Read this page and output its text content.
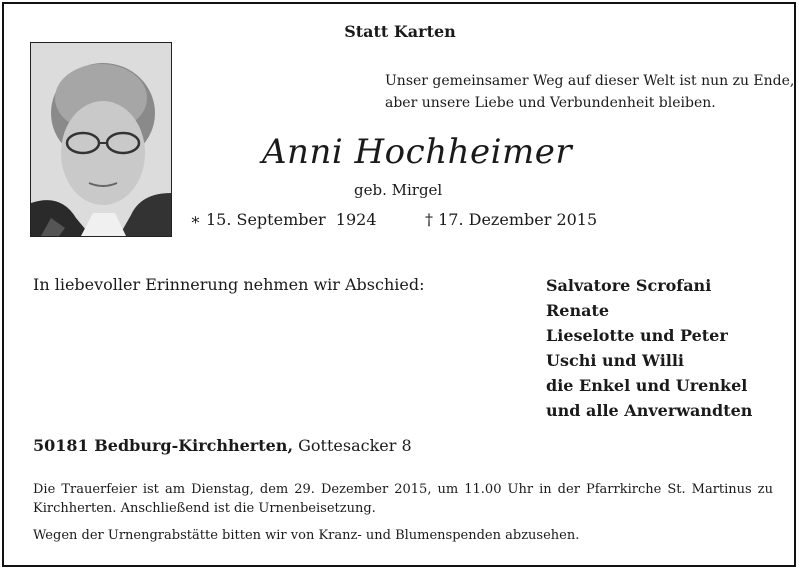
Statt Karten
Unser gemeinsamer Weg auf dieser Welt ist nun zu Ende,
aber unsere Liebe und Verbundenheit bleiben.
Anni Hochheimer
geb. Mirgel
∗ 15. September  1924	† 17. Dezember 2015
In liebevoller Erinnerung nehmen wir Abschied:	Salvatore Scrofani
Renate
Lieselotte und Peter
Uschi und Willi
die Enkel und Urenkel
und alle Anverwandten
50181 Bedburg-Kirchherten, Gottesacker 8
Die Trauerfeier ist am Dienstag, dem 29. Dezember 2015, um 11.00 Uhr in der Pfarrkirche St. Martinus zu Kirchherten. Anschließend ist die Urnenbeisetzung.
Wegen der Urnengrabstätte bitten wir von Kranz- und Blumenspenden abzusehen.
